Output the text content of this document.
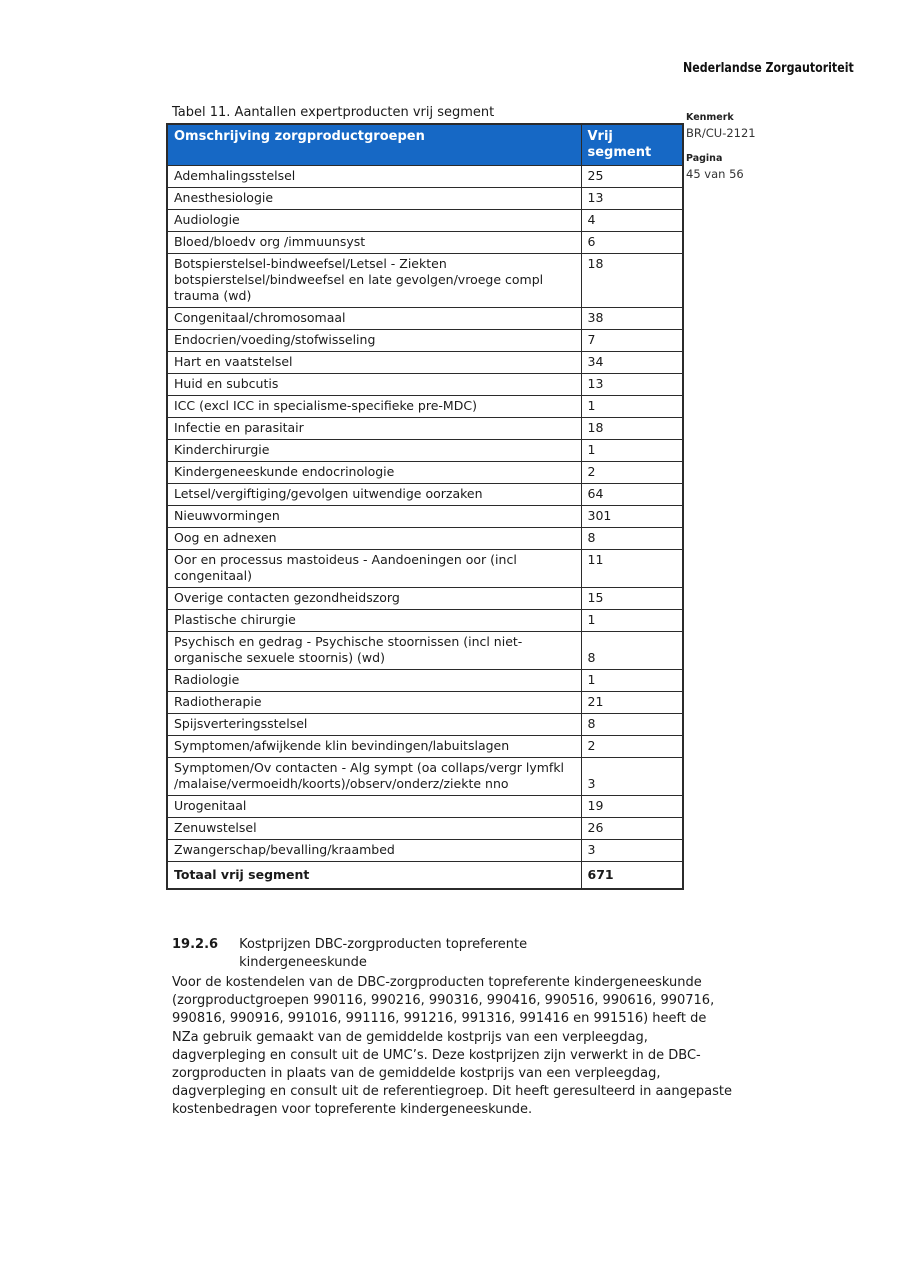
Nederlandse Zorgautoriteit
Tabel 11. Aantallen expertproducten vrij segment
Omschrijving zorgproductgroepen	Vrij segment
Ademhalingsstelsel	25
Anesthesiologie	13
Audiologie	4
Bloed/bloedv org /immuunsyst	6
Botspierstelsel-bindweefsel/Letsel - Ziekten botspierstelsel/bindweefsel en late gevolgen/vroege compl trauma (wd)	18
Congenitaal/chromosomaal	38
Endocrien/voeding/stofwisseling	7
Hart en vaatstelsel	34
Huid en subcutis	13
ICC (excl ICC in specialisme-specifieke pre-MDC)	1
Infectie en parasitair	18
Kinderchirurgie	1
Kindergeneeskunde endocrinologie	2
Letsel/vergiftiging/gevolgen uitwendige oorzaken	64
Nieuwvormingen	301
Oog en adnexen	8
Oor en processus mastoideus - Aandoeningen oor (incl congenitaal)	11
Overige contacten gezondheidszorg	15
Plastische chirurgie	1
Psychisch en gedrag - Psychische stoornissen (incl niet-organische sexuele stoornis) (wd)	8
Radiologie	1
Radiotherapie	21
Spijsverteringsstelsel	8
Symptomen/afwijkende klin bevindingen/labuitslagen	2
Symptomen/Ov contacten - Alg sympt (oa collaps/vergr lymfkl /malaise/vermoeidh/koorts)/observ/onderz/ziekte nno	3
Urogenitaal	19
Zenuwstelsel	26
Zwangerschap/bevalling/kraambed	3
Totaal vrij segment	671
Kenmerk
BR/CU-2121
Pagina
45 van 56
19.2.6 Kostprijzen DBC-zorgproducten topreferente kindergeneeskunde

Voor de kostendelen van de DBC-zorgproducten topreferente kindergeneeskunde (zorgproductgroepen 990116, 990216, 990316, 990416, 990516, 990616, 990716, 990816, 990916, 991016, 991116, 991216, 991316, 991416 en 991516) heeft de NZa gebruik gemaakt van de gemiddelde kostprijs van een verpleegdag, dagverpleging en consult uit de UMC’s. Deze kostprijzen zijn verwerkt in de DBC-zorgproducten in plaats van de gemiddelde kostprijs van een verpleegdag, dagverpleging en consult uit de referentiegroep. Dit heeft geresulteerd in aangepaste kostenbedragen voor topreferente kindergeneeskunde.
